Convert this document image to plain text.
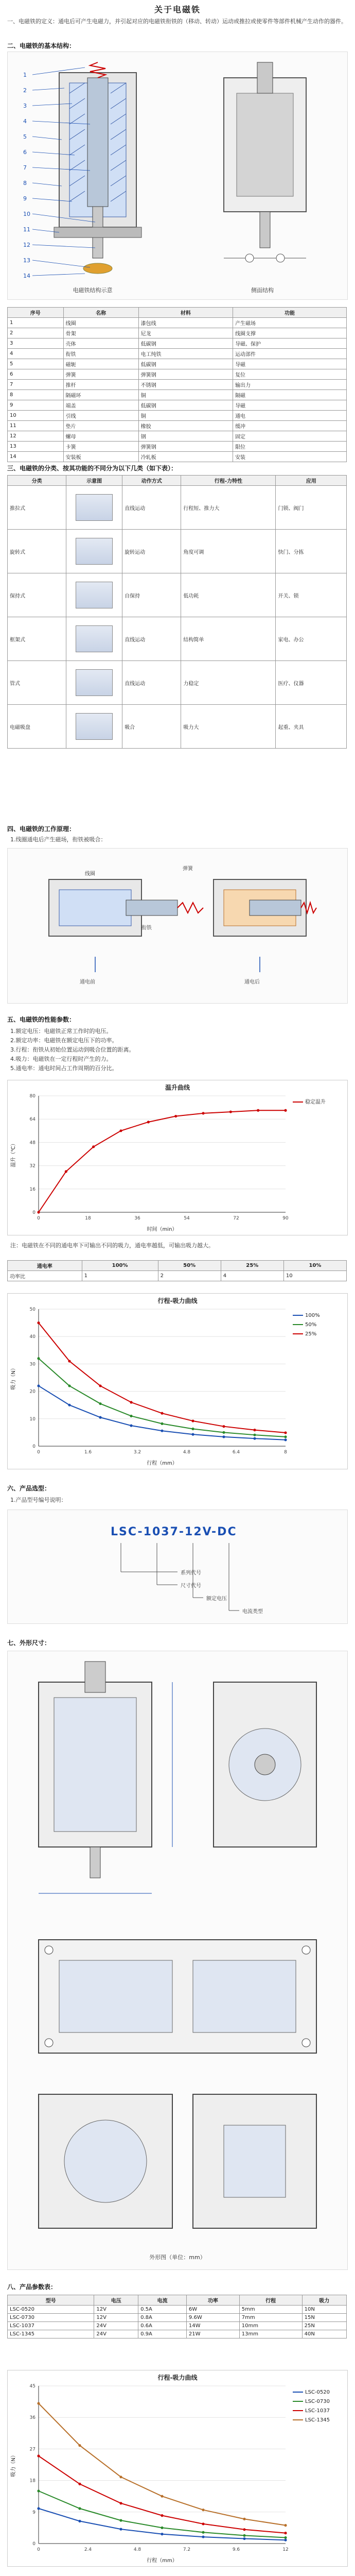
关于电磁铁
一、电磁铁的定义：通电后可产生电磁力，并引起对应的电磁铁衔铁的（移动、转动）运动或推拉或使零件等部件机械产生动作的器件。
二、电磁铁的基本结构：
1
2
3
4
5
6
7
8
9
10
11
12
13
14
电磁铁结构示意	侧面结构
序号	名称	材料	功能
1	线圈	漆包线	产生磁场
2	骨架	尼龙	线圈支撑
3	壳体	低碳钢	导磁、保护
4	衔铁	电工纯铁	运动部件
5	磁轭	低碳钢	导磁
6	弹簧	弹簧钢	复位
7	推杆	不锈钢	输出力
8	隔磁环	铜	隔磁
9	端盖	低碳钢	导磁
10	引线	铜	通电
11	垫片	橡胶	缓冲
12	螺母	钢	固定
13	卡簧	弹簧钢	限位
14	安装板	冷轧板	安装
三、电磁铁的分类、按其功能的不同分为以下几类（如下表）：
分类	示意图	动作方式	行程-力特性	应用
推拉式		直线运动	行程短、推力大	门锁、阀门
旋转式		旋转运动	角度可调	快门、分拣
保持式		自保持	低功耗	开关、锁
框架式		直线运动	结构简单	家电、办公
管式		直线运动	力稳定	医疗、仪器
电磁吸盘		吸合	吸力大	起重、夹具
四、电磁铁的工作原理：
1.线圈通电后产生磁场，衔铁被吸合：
通电前	通电后
弹簧
衔铁
线圈
五、电磁铁的性能参数：
1.额定电压：电磁铁正常工作时的电压。
2.额定功率：电磁铁在额定电压下的功率。
3.行程：衔铁从初始位置运动到吸合位置的距离。
4.吸力：电磁铁在一定行程时产生的力。
5.通电率：通电时间占工作周期的百分比。
温升曲线
0
16
32
48
64
80
0	18	36	54	72	90
时间（min）
温升（℃）
稳定温升
注：电磁铁在不同的通电率下可输出不同的吸力，通电率越低，可输出吸力越大。
通电率	100%	50%	25%	10%
功率比	1	2	4	10
行程-吸力曲线
0
10
20
30
40
50
0	1.6	3.2	4.8	6.4	8
行程（mm）
吸力（N）
100%
50%
25%
六、产品选型：
1.产品型号编号说明：
LSC-1037-12V-DC
系列代号
尺寸代号
额定电压
电流类型
七、外形尺寸：
外形图（单位：mm）
八、产品参数表：
型号	电压	电流	功率	行程	吸力
LSC-0520	12V	0.5A	6W	5mm	10N
LSC-0730	12V	0.8A	9.6W	7mm	15N
LSC-1037	24V	0.6A	14W	10mm	25N
LSC-1345	24V	0.9A	21W	13mm	40N
行程-吸力曲线
0
9
18
27
36
45
0	2.4	4.8	7.2	9.6	12
行程（mm）
吸力（N）
LSC-0520
LSC-0730
LSC-1037
LSC-1345
